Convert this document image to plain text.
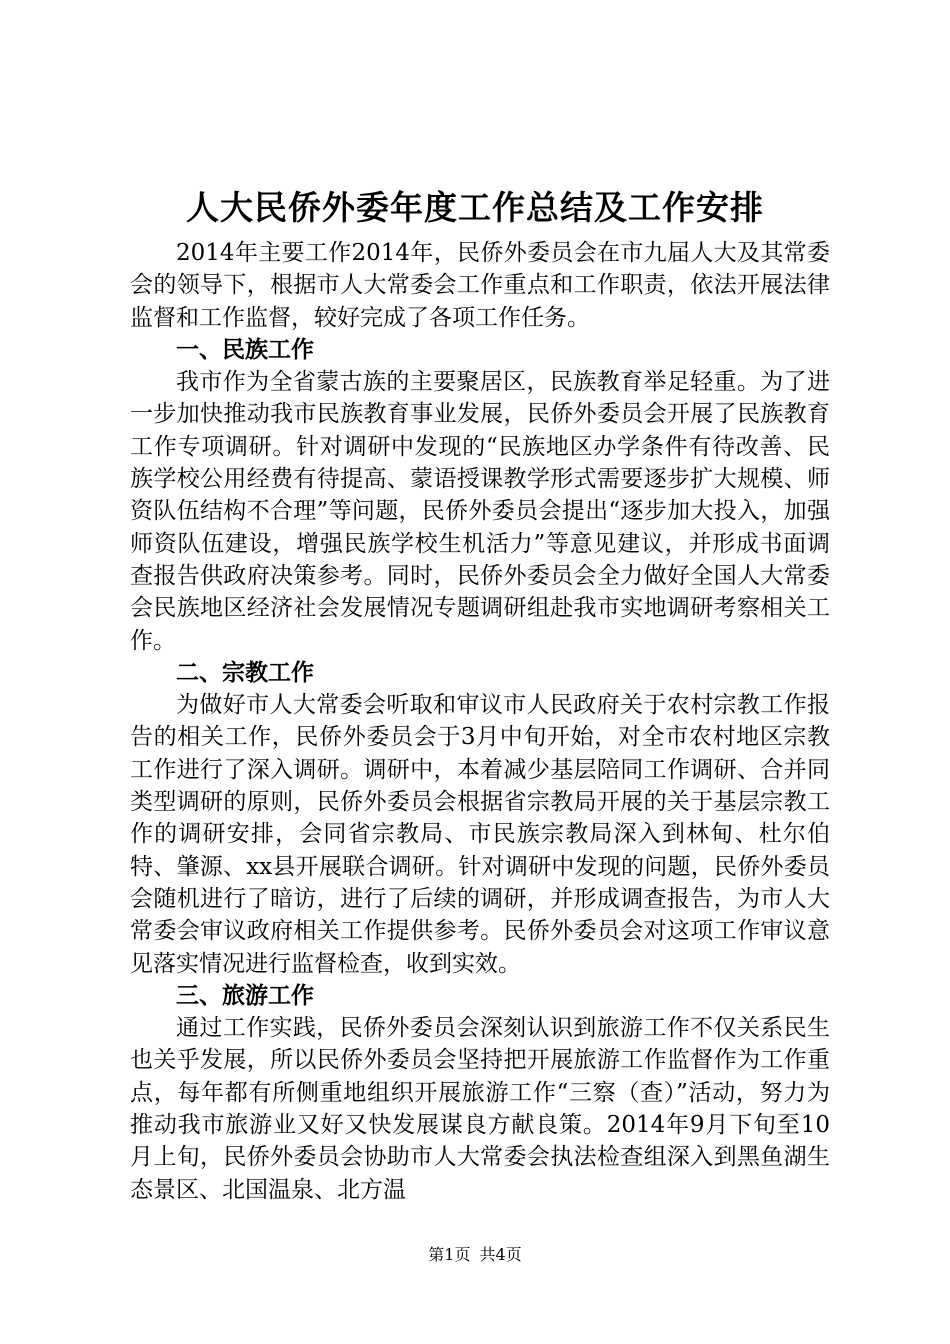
人大民侨外委年度工作总结及工作安排

2014年主要工作2014年，民侨外委员会在市九届人大及其常委会的领导下，根据市人大常委会工作重点和工作职责，依法开展法律监督和工作监督，较好完成了各项工作任务。

一、民族工作

我市作为全省蒙古族的主要聚居区，民族教育举足轻重。为了进一步加快推动我市民族教育事业发展，民侨外委员会开展了民族教育工作专项调研。针对调研中发现的“民族地区办学条件有待改善、民族学校公用经费有待提高、蒙语授课教学形式需要逐步扩大规模、师资队伍结构不合理”等问题，民侨外委员会提出“逐步加大投入，加强师资队伍建设，增强民族学校生机活力”等意见建议，并形成书面调查报告供政府决策参考。同时，民侨外委员会全力做好全国人大常委会民族地区经济社会发展情况专题调研组赴我市实地调研考察相关工作。

二、宗教工作

为做好市人大常委会听取和审议市人民政府关于农村宗教工作报告的相关工作，民侨外委员会于3月中旬开始，对全市农村地区宗教工作进行了深入调研。调研中，本着减少基层陪同工作调研、合并同类型调研的原则，民侨外委员会根据省宗教局开展的关于基层宗教工作的调研安排，会同省宗教局、市民族宗教局深入到林甸、杜尔伯特、肇源、xx县开展联合调研。针对调研中发现的问题，民侨外委员会随机进行了暗访，进行了后续的调研，并形成调查报告，为市人大常委会审议政府相关工作提供参考。民侨外委员会对这项工作审议意见落实情况进行监督检查，收到实效。

三、旅游工作

通过工作实践，民侨外委员会深刻认识到旅游工作不仅关系民生也关乎发展，所以民侨外委员会坚持把开展旅游工作监督作为工作重点，每年都有所侧重地组织开展旅游工作“三察（查）”活动，努力为推动我市旅游业又好又快发展谋良方献良策。2014年9月下旬至10月上旬，民侨外委员会协助市人大常委会执法检查组深入到黑鱼湖生态景区、北国温泉、北方温

第1页 共4页
